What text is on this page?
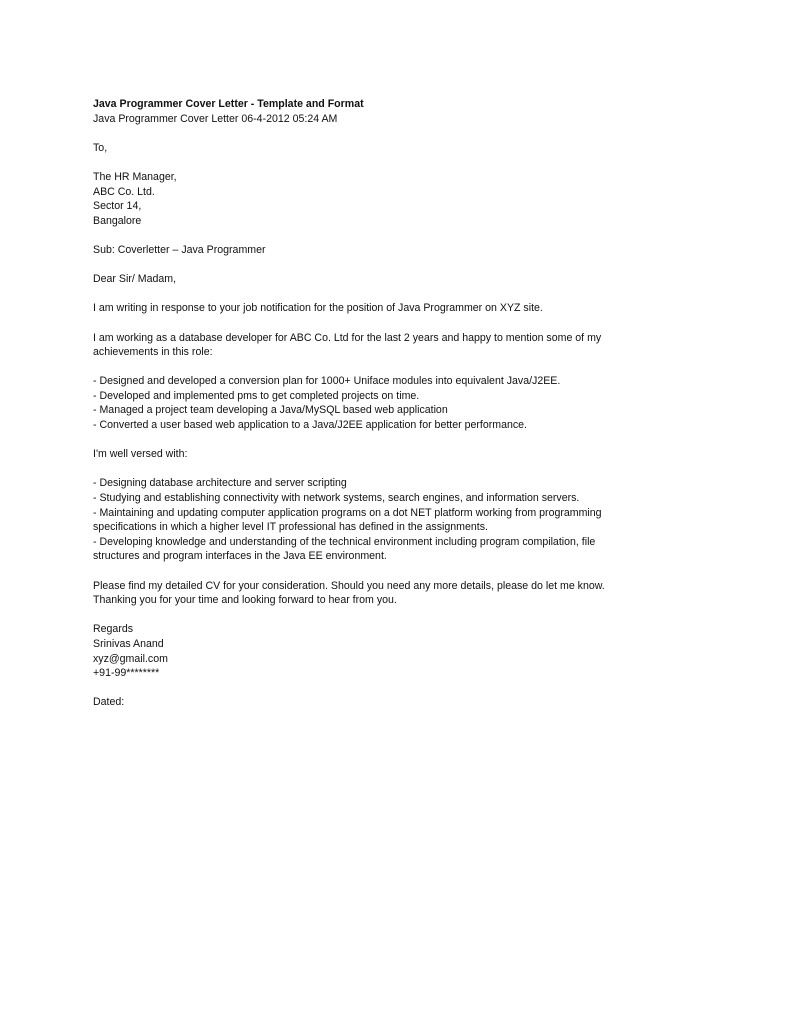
Java Programmer Cover Letter - Template and Format

Java Programmer Cover Letter 06-4-2012 05:24 AM

To,

The HR Manager,

ABC Co. Ltd.

Sector 14,

Bangalore

Sub: Coverletter – Java Programmer

Dear Sir/ Madam,

I am writing in response to your job notification for the position of Java Programmer on XYZ site.

I am working as a database developer for ABC Co. Ltd for the last 2 years and happy to mention some of my

achievements in this role:

- Designed and developed a conversion plan for 1000+ Uniface modules into equivalent Java/J2EE.
- Developed and implemented pms to get completed projects on time.
- Managed a project team developing a Java/MySQL based web application
- Converted a user based web application to a Java/J2EE application for better performance.

I'm well versed with:

- Designing database architecture and server scripting
- Studying and establishing connectivity with network systems, search engines, and information servers.
- Maintaining and updating computer application programs on a dot NET platform working from programming
specifications in which a higher level IT professional has defined in the assignments.
- Developing knowledge and understanding of the technical environment including program compilation, file
structures and program interfaces in the Java EE environment.

Please find my detailed CV for your consideration. Should you need any more details, please do let me know.

Thanking you for your time and looking forward to hear from you.

Regards

Srinivas Anand

xyz@gmail.com

+91-99********

Dated:
